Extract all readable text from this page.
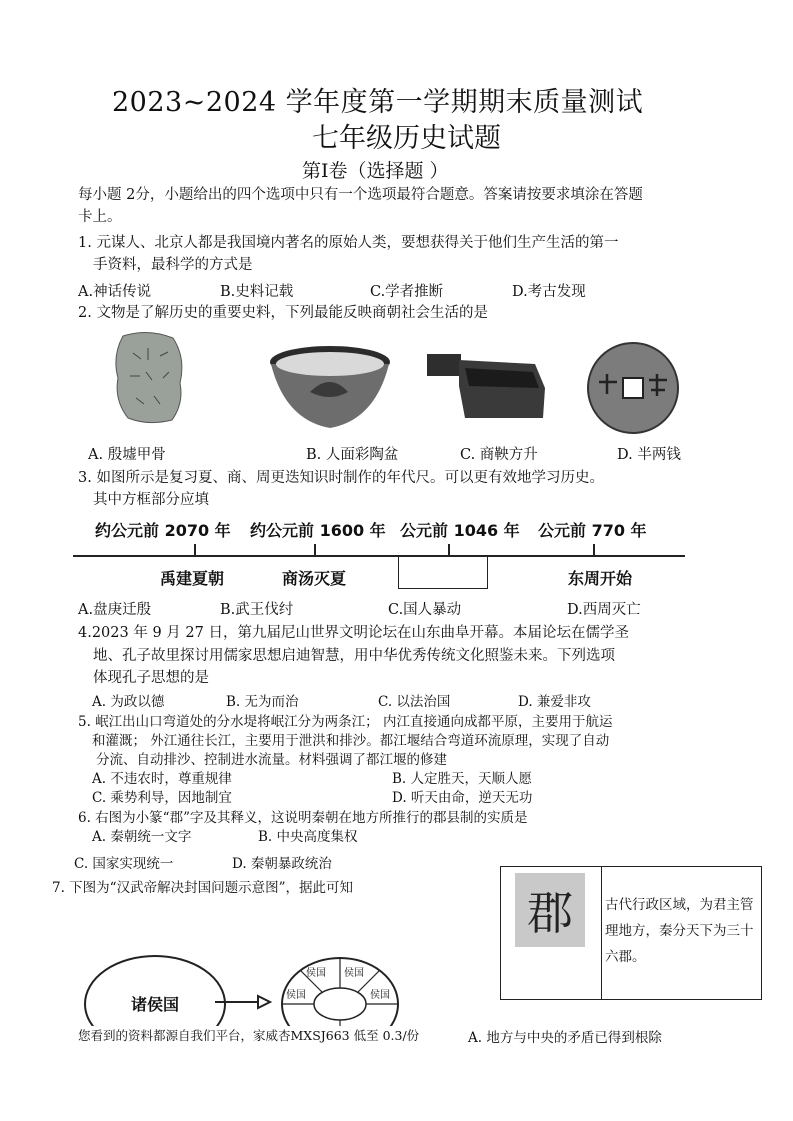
2023~2024 学年度第一学期期末质量测试
七年级历史试题
第Ⅰ卷（选择题 ）
每小题 2分，小题给出的四个选项中只有一个选项最符合题意。答案请按要求填涂在答题
卡上。
1. 元谋人、北京人都是我国境内著名的原始人类，要想获得关于他们生产生活的第一
手资料，最科学的方式是
A.神话传说	B.史料记载	C.学者推断	D.考古发现
2. 文物是了解历史的重要史料，下列最能反映商朝社会生活的是
A. 殷墟甲骨	B. 人面彩陶盆	C. 商鞅方升	D. 半两钱
3. 如图所示是复习夏、商、周更迭知识时制作的年代尺。可以更有效地学习历史。
其中方框部分应填
约公元前 2070 年 约公元前 1600 年 公元前 1046 年 公元前 770 年
禹建夏朝	商汤灭夏	东周开始
A.盘庚迁殷	B.武王伐纣	C.国人暴动	D.西周灭亡
4.2023 年 9 月 27 日，第九届尼山世界文明论坛在山东曲阜开幕。本届论坛在儒学圣
地、孔子故里探讨用儒家思想启迪智慧，用中华优秀传统文化照鉴未来。下列选项
体现孔子思想的是
A. 为政以德	B. 无为而治	C. 以法治国	D. 兼爱非攻
5. 岷江出山口弯道处的分水堤将岷江分为两条江； 内江直接通向成都平原，主要用于航运
和灌溉； 外江通往长江，主要用于泄洪和排沙。都江堰结合弯道环流原理，实现了自动
分流、自动排沙、控制进水流量。材料强调了都江堰的修建
A. 不违农时，尊重规律	B. 人定胜天，天顺人愿
C. 乘势利导，因地制宜	D. 听天由命，逆天无功
6. 右图为小篆“郡”字及其释义，这说明秦朝在地方所推行的郡县制的实质是
A. 秦朝统一文字	B. 中央高度集权
C. 国家实现统一	D. 秦朝暴政统治
郡	古代行政区域，为君主管
理地方，秦分天下为三十
六郡。
7. 下图为“汉武帝解决封国问题示意图”，据此可知
诸侯国
侯国 侯国
侯国	侯国
您看到的资料都源自我们平台，家威杏MXSJ663 低至 0.3/份	A. 地方与中央的矛盾已得到根除
